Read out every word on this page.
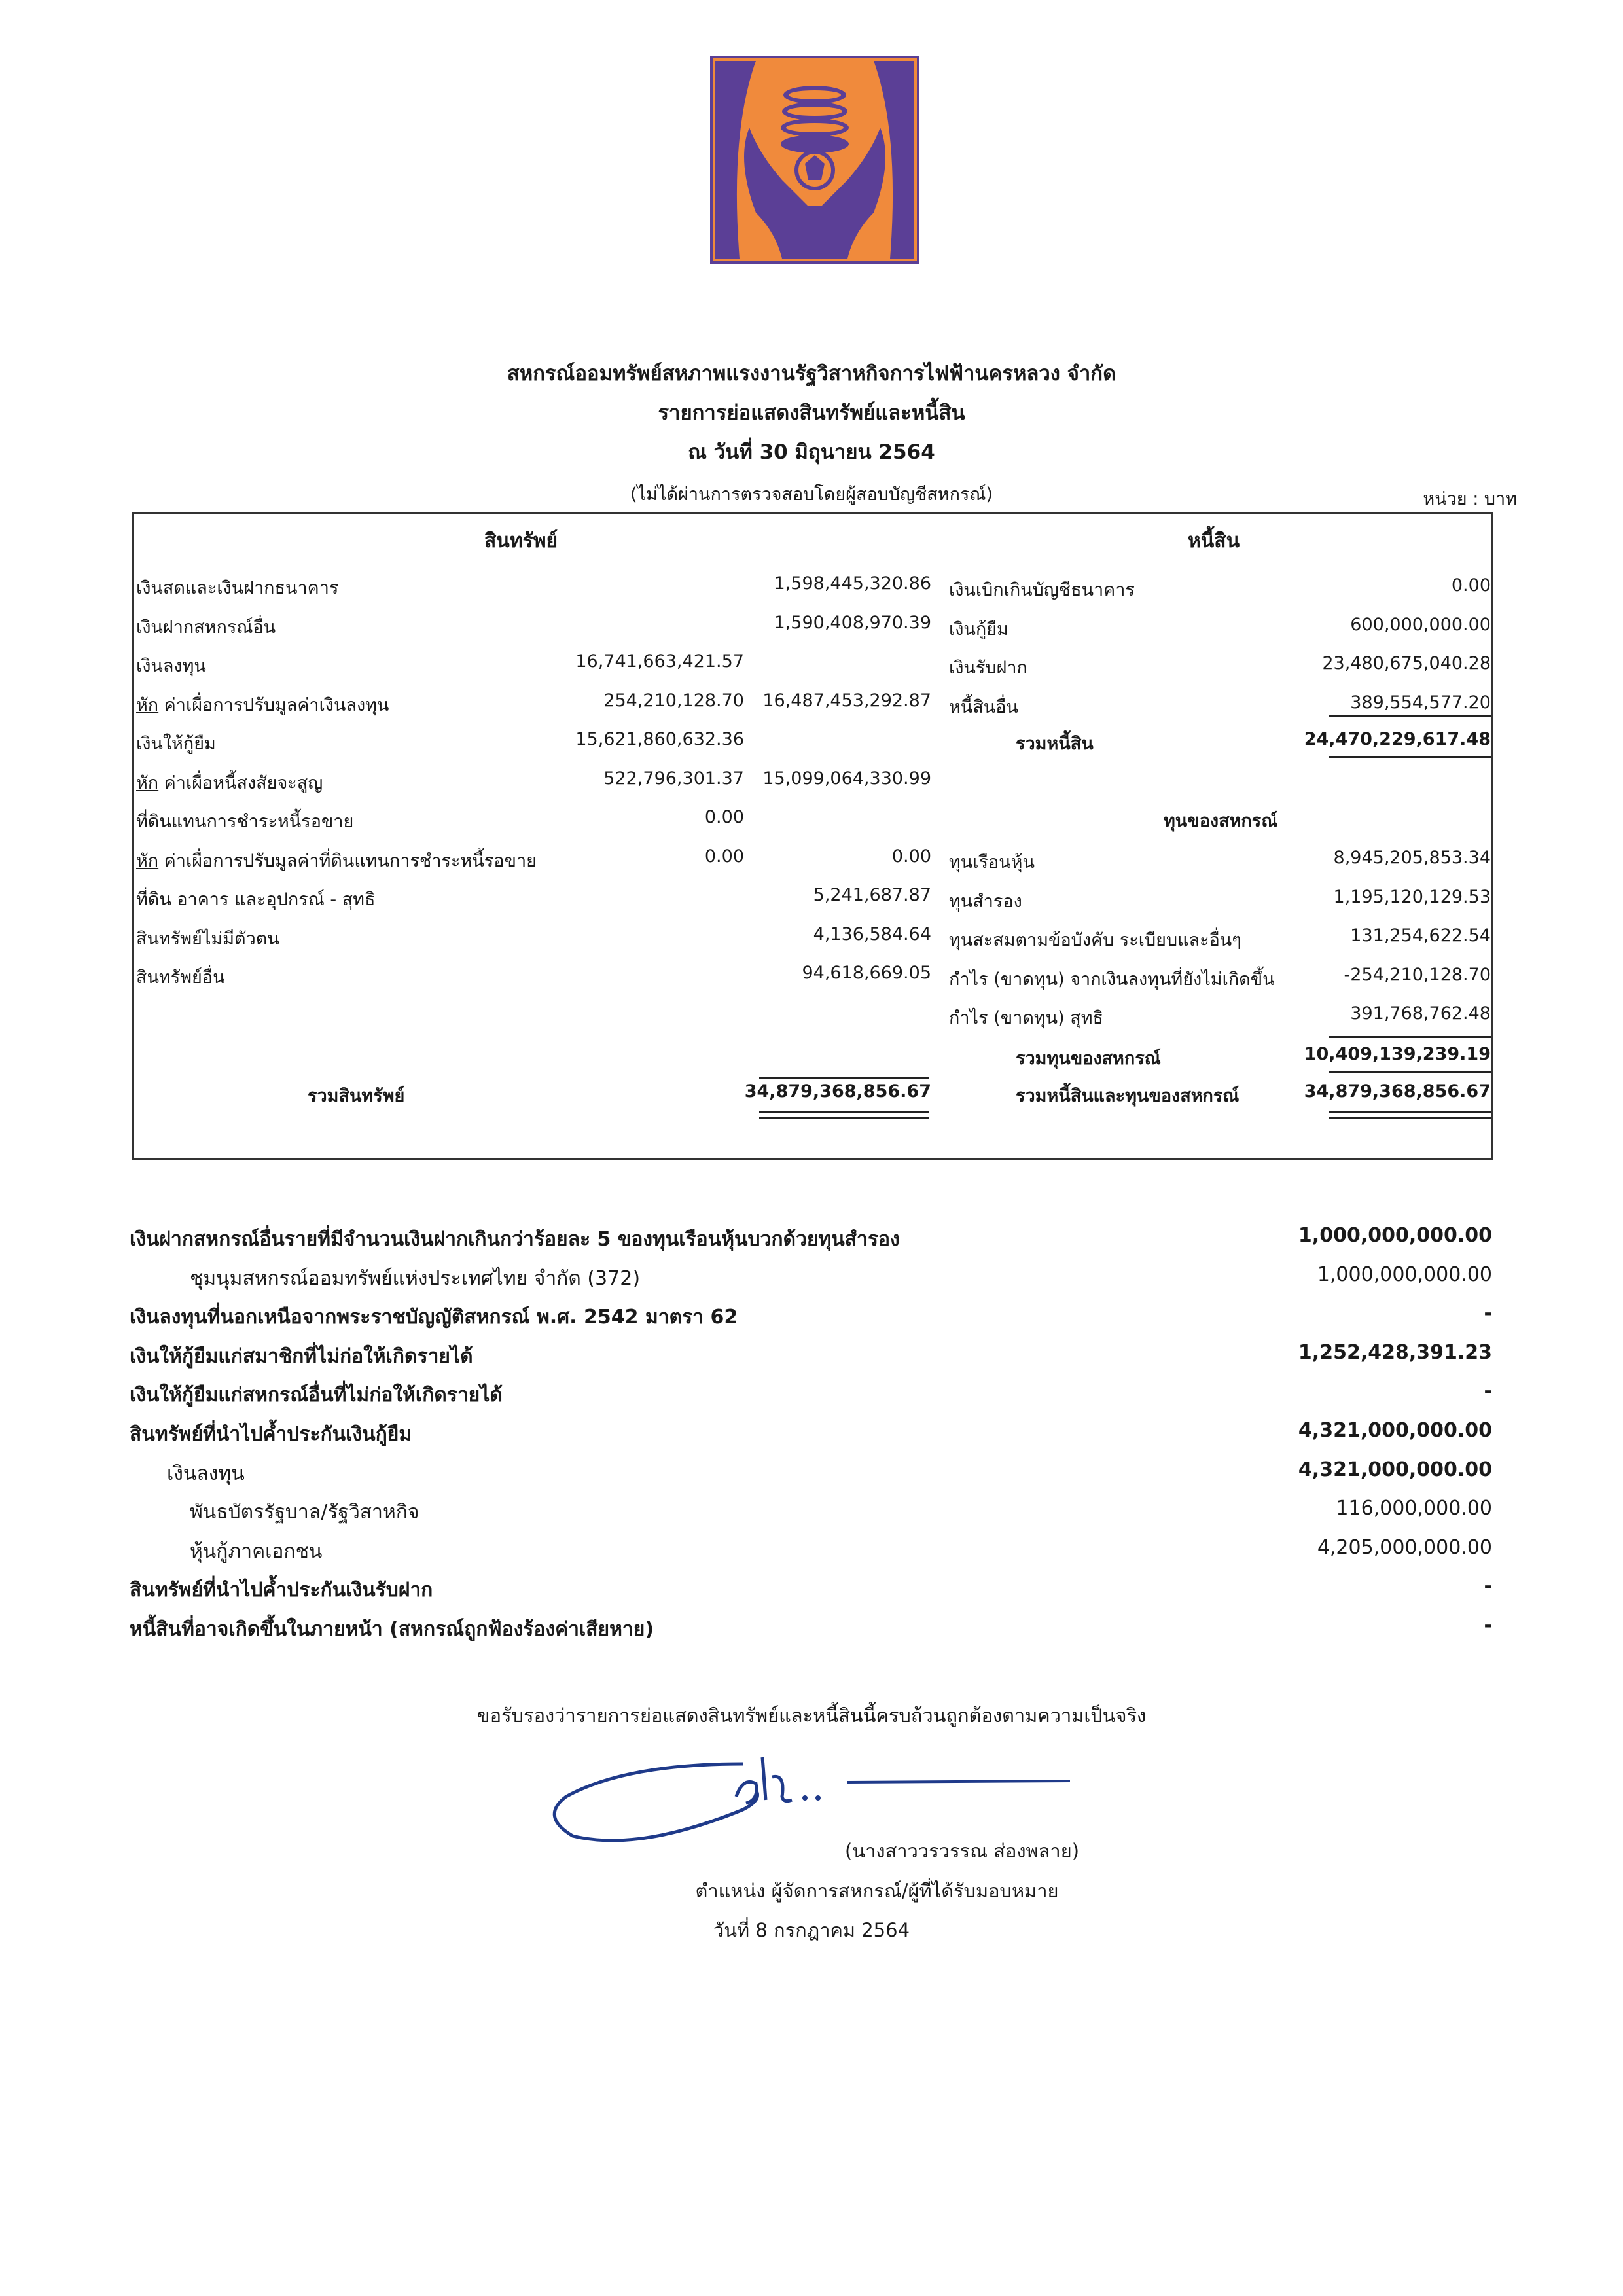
สหกรณ์ออมทรัพย์สหภาพแรงงานรัฐวิสาหกิจการไฟฟ้านครหลวง จำกัด
รายการย่อแสดงสินทรัพย์และหนี้สิน
ณ วันที่ 30 มิถุนายน 2564
(ไม่ได้ผ่านการตรวจสอบโดยผู้สอบบัญชีสหกรณ์)	หน่วย : บาท
สินทรัพย์	หนี้สิน
เงินสดและเงินฝากธนาคาร	1,598,445,320.86
เงินฝากสหกรณ์อื่น	1,590,408,970.39
เงินลงทุน	16,741,663,421.57
หัก ค่าเผื่อการปรับมูลค่าเงินลงทุน	254,210,128.70 16,487,453,292.87
เงินให้กู้ยืม	15,621,860,632.36
หัก ค่าเผื่อหนี้สงสัยจะสูญ	522,796,301.37 15,099,064,330.99
ที่ดินแทนการชำระหนี้รอขาย	0.00
หัก ค่าเผื่อการปรับมูลค่าที่ดินแทนการชำระหนี้รอขาย	0.00	0.00
ที่ดิน อาคาร และอุปกรณ์ - สุทธิ	5,241,687.87
สินทรัพย์ไม่มีตัวตน	4,136,584.64
สินทรัพย์อื่น	94,618,669.05
เงินเบิกเกินบัญชีธนาคาร	0.00
เงินกู้ยืม	600,000,000.00
เงินรับฝาก	23,480,675,040.28
หนี้สินอื่น	389,554,577.20
ทุนเรือนหุ้น	8,945,205,853.34
ทุนสำรอง	1,195,120,129.53
ทุนสะสมตามข้อบังคับ ระเบียบและอื่นๆ	131,254,622.54
กำไร (ขาดทุน) จากเงินลงทุนที่ยังไม่เกิดขึ้น	-254,210,128.70
กำไร (ขาดทุน) สุทธิ	391,768,762.48
รวมสินทรัพย์	34,879,368,856.67
รวมหนี้สิน	24,470,229,617.48
ทุนของสหกรณ์
รวมทุนของสหกรณ์	10,409,139,239.19
รวมหนี้สินและทุนของสหกรณ์	34,879,368,856.67
เงินฝากสหกรณ์อื่นรายที่มีจำนวนเงินฝากเกินกว่าร้อยละ 5 ของทุนเรือนหุ้นบวกด้วยทุนสำรอง	1,000,000,000.00
ชุมนุมสหกรณ์ออมทรัพย์แห่งประเทศไทย จำกัด (372)	1,000,000,000.00
เงินลงทุนที่นอกเหนือจากพระราชบัญญัติสหกรณ์ พ.ศ. 2542 มาตรา 62	-
เงินให้กู้ยืมแก่สมาชิกที่ไม่ก่อให้เกิดรายได้	1,252,428,391.23
เงินให้กู้ยืมแก่สหกรณ์อื่นที่ไม่ก่อให้เกิดรายได้	-
สินทรัพย์ที่นำไปค้ำประกันเงินกู้ยืม	4,321,000,000.00
เงินลงทุน	4,321,000,000.00
พันธบัตรรัฐบาล/รัฐวิสาหกิจ	116,000,000.00
หุ้นกู้ภาคเอกชน	4,205,000,000.00
สินทรัพย์ที่นำไปค้ำประกันเงินรับฝาก	-
หนี้สินที่อาจเกิดขึ้นในภายหน้า (สหกรณ์ถูกฟ้องร้องค่าเสียหาย)	-
ขอรับรองว่ารายการย่อแสดงสินทรัพย์และหนี้สินนี้ครบถ้วนถูกต้องตามความเป็นจริง
(นางสาววรวรรณ ส่องพลาย)
ตำแหน่ง ผู้จัดการสหกรณ์/ผู้ที่ได้รับมอบหมาย
วันที่ 8 กรกฎาคม 2564
